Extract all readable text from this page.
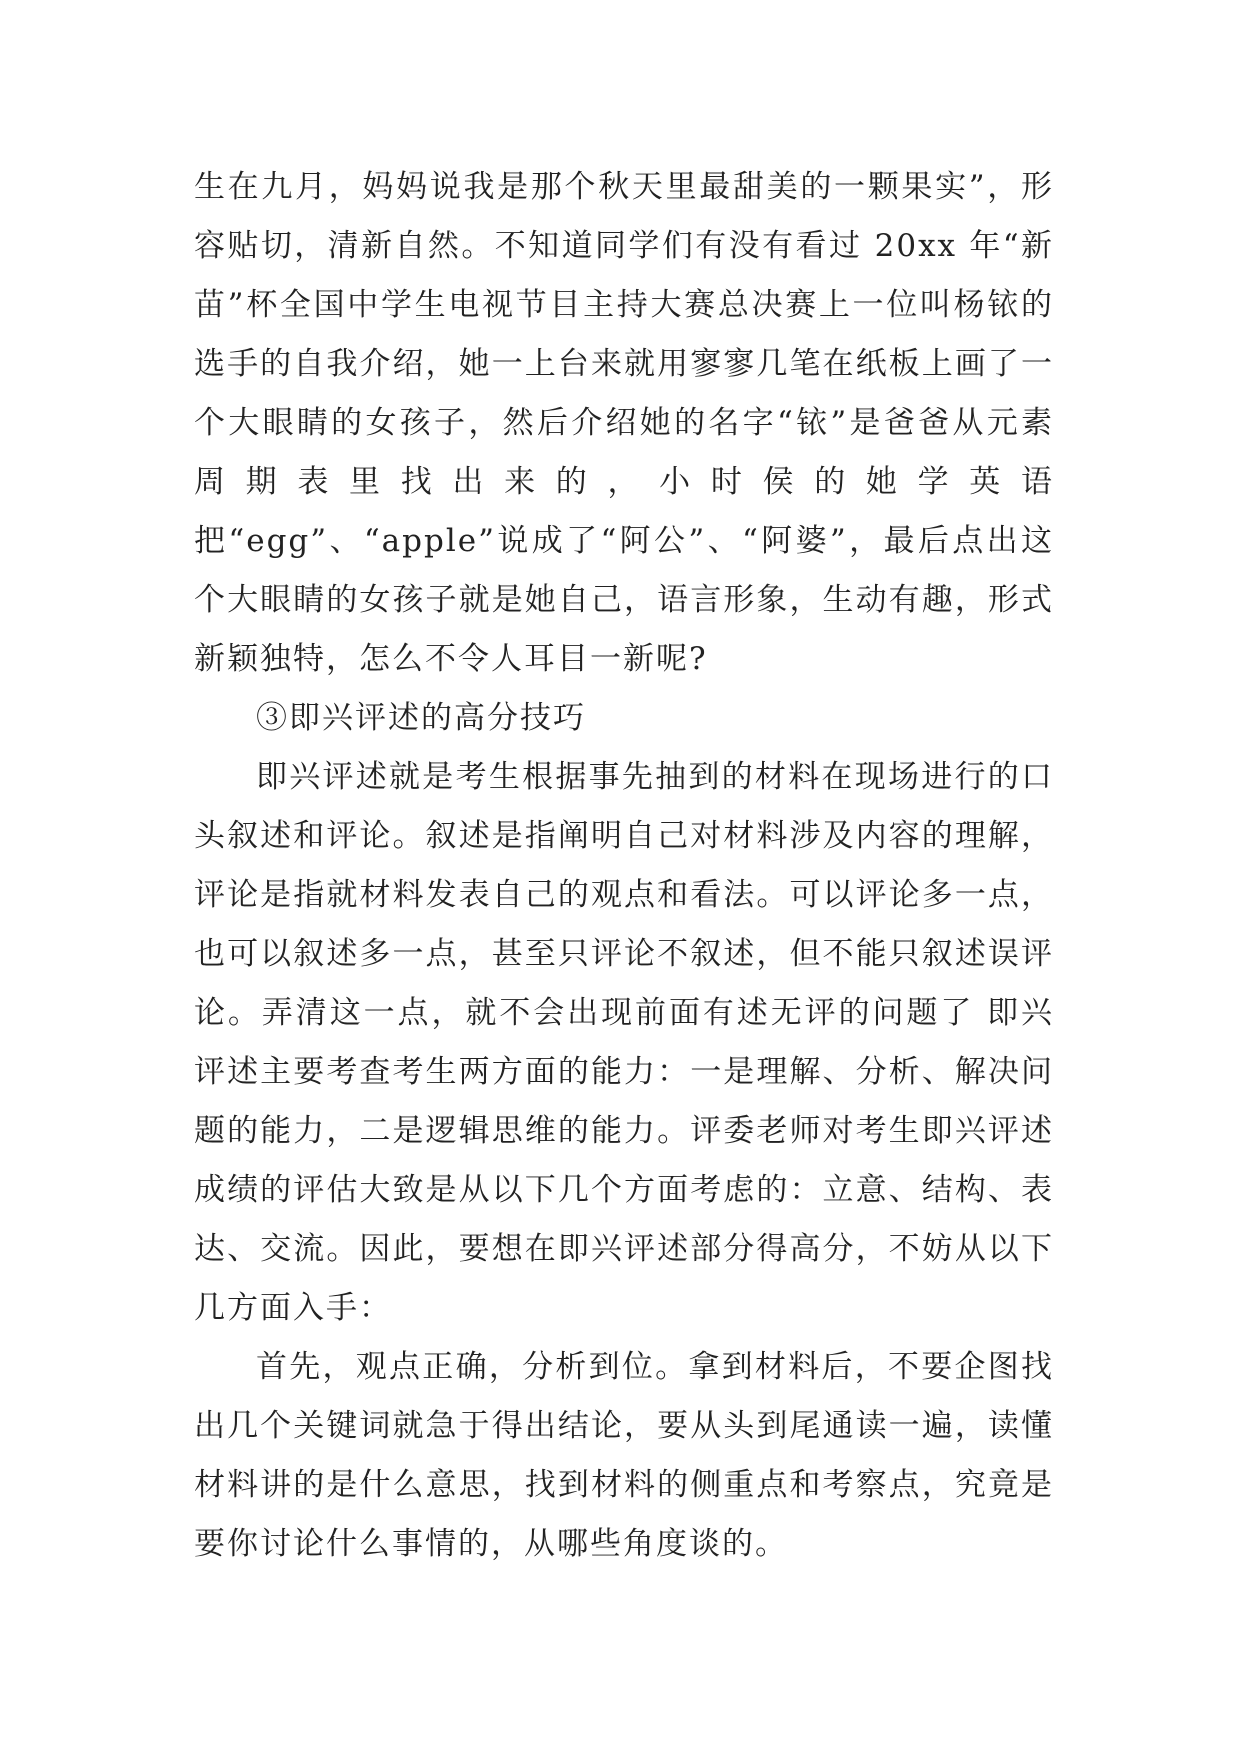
生在九月，妈妈说我是那个秋天里最甜美的一颗果实”，形容贴切，清新自然。不知道同学们有没有看过 20xx 年“新苗”杯全国中学生电视节目主持大赛总决赛上一位叫杨铱的选手的自我介绍，她一上台来就用寥寥几笔在纸板上画了一个大眼睛的女孩子，然后介绍她的名字“铱”是爸爸从元素周期表里找出来的，小时侯的她学英语把“egg”、“apple”说成了“阿公”、“阿婆”，最后点出这个大眼睛的女孩子就是她自己，语言形象，生动有趣，形式新颖独特，怎么不令人耳目一新呢?

③即兴评述的高分技巧

即兴评述就是考生根据事先抽到的材料在现场进行的口头叙述和评论。叙述是指阐明自己对材料涉及内容的理解，评论是指就材料发表自己的观点和看法。可以评论多一点，也可以叙述多一点，甚至只评论不叙述，但不能只叙述误评论。弄清这一点，就不会出现前面有述无评的问题了 即兴评述主要考查考生两方面的能力：一是理解、分析、解决问题的能力，二是逻辑思维的能力。评委老师对考生即兴评述成绩的评估大致是从以下几个方面考虑的：立意、结构、表达、交流。因此，要想在即兴评述部分得高分，不妨从以下几方面入手：

首先，观点正确，分析到位。拿到材料后，不要企图找出几个关键词就急于得出结论，要从头到尾通读一遍，读懂材料讲的是什么意思，找到材料的侧重点和考察点，究竟是要你讨论什么事情的，从哪些角度谈的。
